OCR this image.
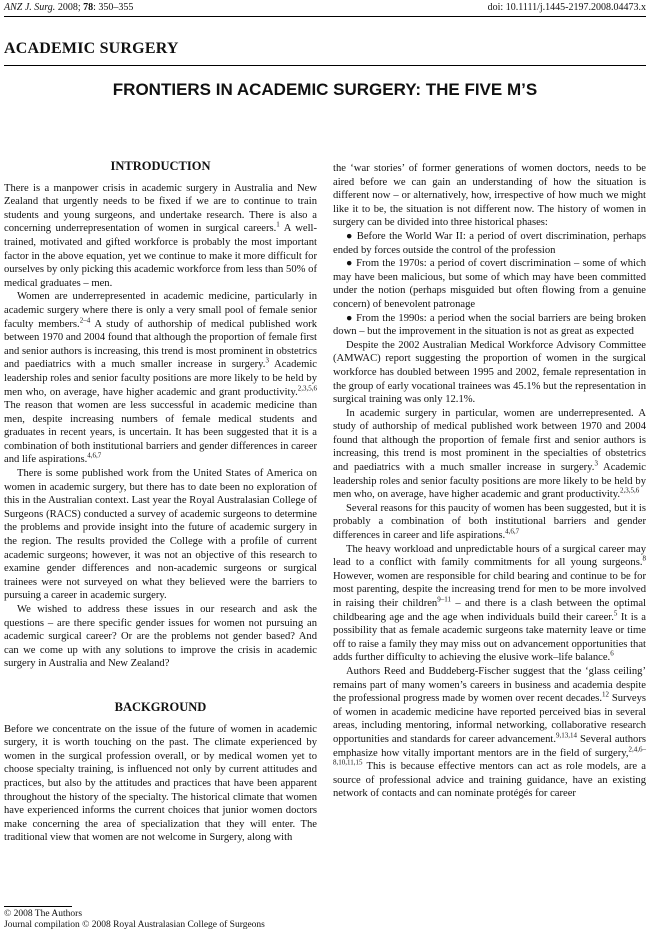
ANZ J. Surg. 2008; 78: 350–355	doi: 10.1111/j.1445-2197.2008.04473.x
ACADEMIC SURGERY
FRONTIERS IN ACADEMIC SURGERY: THE FIVE M’S
INTRODUCTION

There is a manpower crisis in academic surgery in Australia and New Zealand that urgently needs to be fixed if we are to continue to train students and young surgeons, and undertake research. There is also a concerning underrepresentation of women in surgical careers.$^1$ A well-trained, motivated and gifted workforce is probably the most important factor in the above equation, yet we continue to make it more difficult for ourselves by only picking this academic workforce from less than 50% of medical graduates – men.

Women are underrepresented in academic medicine, particularly in academic surgery where there is only a very small pool of female senior faculty members.$^{2-4}$ A study of authorship of medical published work between 1970 and 2004 found that although the proportion of female first and senior authors is increasing, this trend is most prominent in obstetrics and paediatrics with a much smaller increase in surgery.$^3$ Academic leadership roles and senior faculty positions are more likely to be held by men who, on average, have higher academic and grant productivity.$^{2,3,5,6}$ The reason that women are less successful in academic medicine than men, despite increasing numbers of female medical students and graduates in recent years, is uncertain. It has been suggested that it is a combination of both institutional barriers and gender differences in career and life aspirations.$^{4,6,7}$

There is some published work from the United States of America on women in academic surgery, but there has to date been no exploration of this in the Australian context. Last year the Royal Australasian College of Surgeons (RACS) conducted a survey of academic surgeons to determine the problems and provide insight into the future of academic surgery in the region. The results provided the College with a profile of current academic surgeons; however, it was not an objective of this research to examine gender differences and non-academic surgeons or surgical trainees were not surveyed on what they believed were the barriers to pursuing a career in academic surgery.

We wished to address these issues in our research and ask the questions – are there specific gender issues for women not pursuing an academic surgical career? Or are the problems not gender based? And can we come up with any solutions to improve the crisis in academic surgery in Australia and New Zealand?

BACKGROUND

Before we concentrate on the issue of the future of women in academic surgery, it is worth touching on the past. The climate experienced by women in the surgical profession overall, or by medical women yet to choose specialty training, is influenced not only by current attitudes and practices, but also by the attitudes and practices that have been apparent throughout the history of the specialty. The historical climate that women have experienced informs the current choices that junior women doctors make concerning the area of specialization that they will enter. The traditional view that women are not welcome in Surgery, along with

the ‘war stories’ of former generations of women doctors, needs to be aired before we can gain an understanding of how the situation is different now – or alternatively, how, irrespective of how much we might like it to be, the situation is not different now. The history of women in surgery can be divided into three historical phases:

● Before the World War II: a period of overt discrimination, perhaps ended by forces outside the control of the profession

● From the 1970s: a period of covert discrimination – some of which may have been malicious, but some of which may have been committed under the notion (perhaps misguided but often flowing from a genuine concern) of benevolent patronage

● From the 1990s: a period when the social barriers are being broken down – but the improvement in the situation is not as great as expected

Despite the 2002 Australian Medical Workforce Advisory Committee (AMWAC) report suggesting the proportion of women in the surgical workforce has doubled between 1995 and 2002, female representation in the group of early vocational trainees was 45.1% but the representation in surgical training was only 12.1%.

In academic surgery in particular, women are underrepresented. A study of authorship of medical published work between 1970 and 2004 found that although the proportion of female first and senior authors is increasing, this trend is most prominent in the specialties of obstetrics and paediatrics with a much smaller increase in surgery.$^3$ Academic leadership roles and senior faculty positions are more likely to be held by men who, on average, have higher academic and grant productivity.$^{2,3,5,6}$

Several reasons for this paucity of women has been suggested, but it is probably a combination of both institutional barriers and gender differences in career and life aspirations.$^{4,6,7}$

The heavy workload and unpredictable hours of a surgical career may lead to a conflict with family commitments for all young surgeons.$^8$ However, women are responsible for child bearing and continue to be for most parenting, despite the increasing trend for men to be more involved in raising their children$^{9-11}$ – and there is a clash between the optimal childbearing age and the age when individuals build their career.$^5$ It is a possibility that as female academic surgeons take maternity leave or time off to raise a family they may miss out on advancement opportunities that adds further difficulty to achieving the elusive work–life balance.$^6$

Authors Reed and Buddeberg-Fischer suggest that the ‘glass ceiling’ remains part of many women’s careers in business and academia despite the professional progress made by women over recent decades.$^{12}$ Surveys of women in academic medicine have reported perceived bias in several areas, including mentoring, informal networking, collaborative research opportunities and standards for career advancement.$^{9,13,14}$ Several authors emphasize how vitally important mentors are in the field of surgery,$^{2,4,6-8,10,11,15}$ This is because effective mentors can act as role models, are a source of professional advice and training guidance, have an existing network of contacts and can nominate protégés for career

© 2008 The Authors
Journal compilation © 2008 Royal Australasian College of Surgeons
